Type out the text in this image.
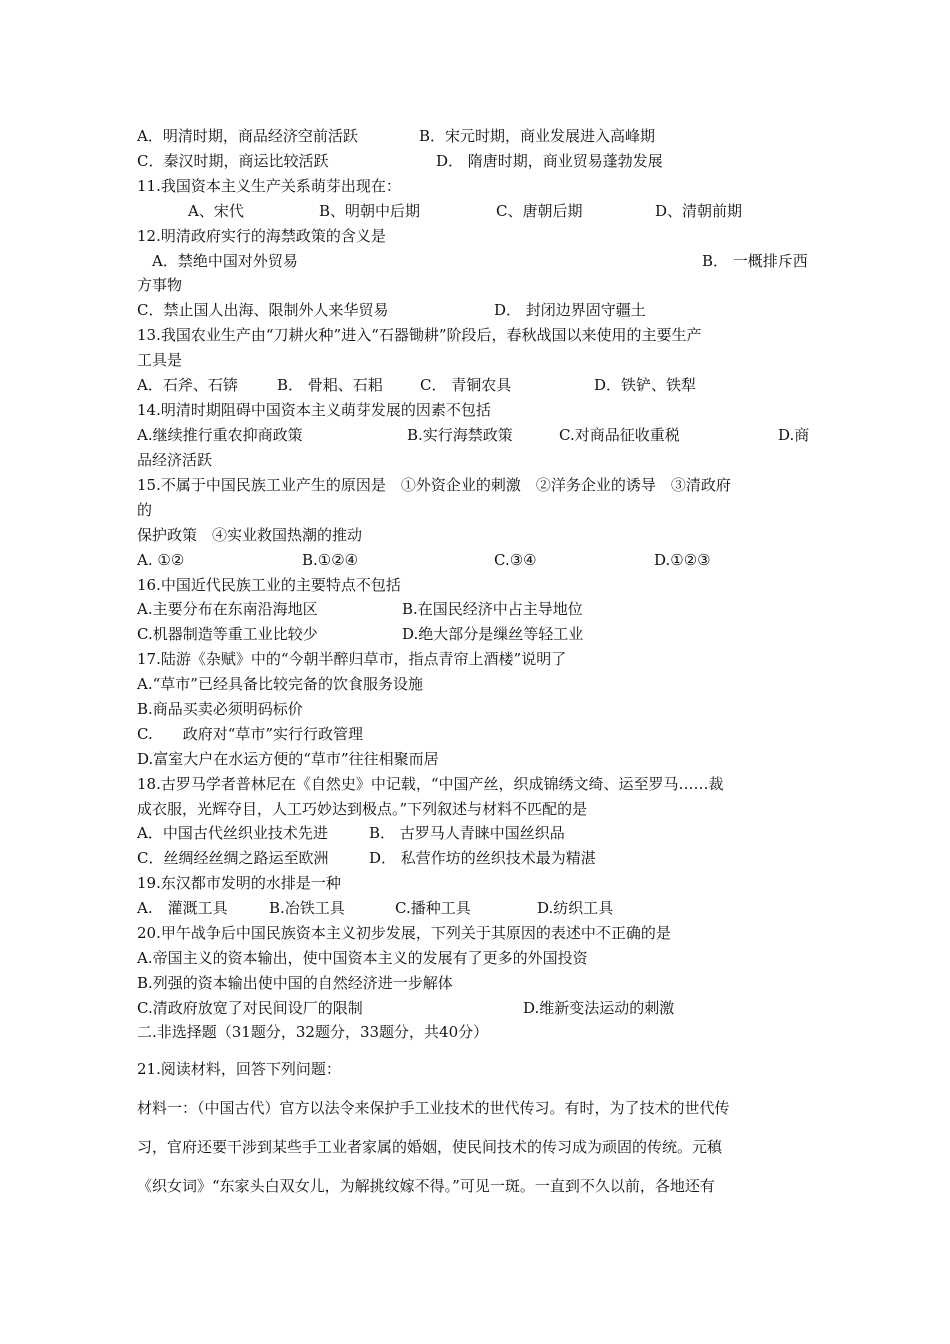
A．明清时期，商品经济空前活跃

	B．宋元时期，商业发展进入高峰期

C．秦汉时期，商运比较活跃

	D． 隋唐时期，商业贸易蓬勃发展

11.我国资本主义生产关系萌芽出现在：

A、宋代

	B、明朝中后期

	C、唐朝后期

	D、清朝前期

12.明清政府实行的海禁政策的含义是

A．禁绝中国对外贸易

	B． 一概排斥西

方事物

C．禁止国人出海、限制外人来华贸易

	D． 封闭边界固守疆土

13.我国农业生产由“刀耕火种”进入“石器锄耕”阶段后，春秋战国以来使用的主要生产
工具是

A．石斧、石锛

	B． 骨耜、石耜

C． 青铜农具

	D．铁铲、铁犁

14.明清时期阻碍中国资本主义萌芽发展的因素不包括

A.继续推行重农抑商政策

	B.实行海禁政策

	C.对商品征收重税

	D.商

品经济活跃
15.不属于中国民族工业产生的原因是　①外资企业的刺激　②洋务企业的诱导　③清政府
的
保护政策　④实业救国热潮的推动

A. ①②

	B.①②④

	C.③④

	D.①②③

16.中国近代民族工业的主要特点不包括

A.主要分布在东南沿海地区

	B.在国民经济中占主导地位

C.机器制造等重工业比较少

	D.绝大部分是缫丝等轻工业

17.陆游《杂赋》中的“今朝半醉归草市，指点青帘上酒楼”说明了
A.“草市”已经具备比较完备的饮食服务设施
B.商品买卖必须明码标价
C.　　政府对“草市”实行行政管理
D.富室大户在水运方便的“草市”往往相聚而居
18.古罗马学者普林尼在《自然史》中记载，“中国产丝，织成锦绣文绮、运至罗马……裁
成衣服，光辉夺目，人工巧妙达到极点。”下列叙述与材料不匹配的是

A．中国古代丝织业技术先进

	B． 古罗马人青睐中国丝织品

C．丝绸经丝绸之路运至欧洲

	D． 私营作坊的丝织技术最为精湛

19.东汉都市发明的水排是一种

A.　灌溉工具

	B.冶铁工具

	C.播种工具

	D.纺织工具

20.甲午战争后中国民族资本主义初步发展，下列关于其原因的表述中不正确的是
A.帝国主义的资本输出，使中国资本主义的发展有了更多的外国投资
B.列强的资本输出使中国的自然经济进一步解体

C.清政府放宽了对民间设厂的限制

	D.维新变法运动的刺激

二.非选择题（31题分，32题分，33题分，共40分）
21.阅读材料，回答下列问题：
材料一：（中国古代）官方以法令来保护手工业技术的世代传习。有时，为了技术的世代传
习，官府还要干涉到某些手工业者家属的婚姻，使民间技术的传习成为顽固的传统。元稹
《织女词》“东家头白双女儿，为解挑纹嫁不得。”可见一斑。一直到不久以前，各地还有
